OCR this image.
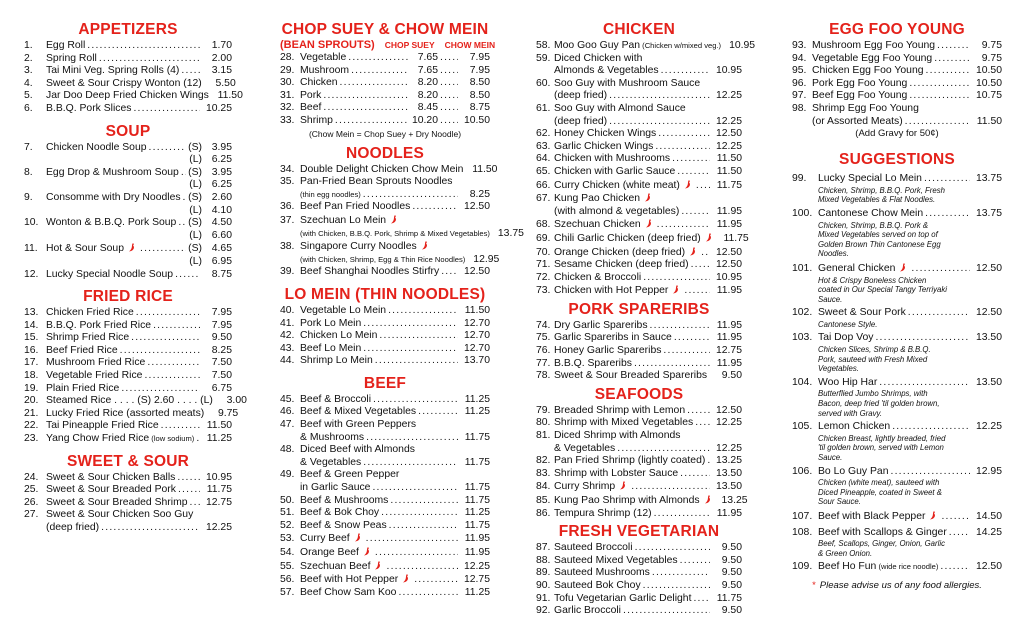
APPETIZERS
1.	Egg Roll .....	1.70
2.	Spring Roll .....	2.00
3.	Tai Mini Veg. Spring Rolls (4) .....	3.15
4.	Sweet & Sour Crispy Wonton (12)	5.50
5.	Jar Doo Deep Fried Chicken Wings 11.50
6.	B.B.Q. Pork Slices .....	10.25
SOUP
7.	Chicken Noodle Soup .....	(S) 3.95
(L) 6.25
8.	Egg Drop & Mushroom Soup ..... (S) 3.95
(L) 6.25
9.	Consomme with Dry Noodles ..... (S) 2.60
(L) 4.10
10. Wonton & B.B.Q. Pork Soup ..... (S) 4.50
(L) 6.60
11. Hot & Sour Soup .....	(S) 4.65
(L) 6.95
12. Lucky Special Noodle Soup .....	8.75
FRIED RICE
13. Chicken Fried Rice .....	7.95
14. B.B.Q. Pork Fried Rice .....	7.95
15. Shrimp Fried Rice .....	9.50
16. Beef Fried Rice .....	8.25
17. Mushroom Fried Rice .....	7.50
18. Vegetable Fried Rice .....	7.50
19. Plain Fried Rice .....	6.75
20. Steamed Rice . . . . (S) 2.60 . . . . (L)	3.00
21. Lucky Fried Rice (assorted meats)	9.75
22. Tai Pineapple Fried Rice .....	11.50
23. Yang Chow Fried Rice (low sodium) .....	11.25
SWEET & SOUR
24. Sweet & Sour Chicken Balls .....	10.95
25. Sweet & Sour Breaded Pork .....	11.75
26. Sweet & Sour Breaded Shrimp .....	12.75
27. Sweet & Sour Chicken Soo Guy
(deep fried) .....	12.25
CHOP SUEY & CHOW MEIN
(BEAN SPROUTS) CHOP SUEY CHOW MEIN
28. Vegetable .....	7.65 .....	7.95
29. Mushroom .....	7.65 .....	7.95
30. Chicken .....	8.20 .....	8.50
31. Pork .....	8.20 .....	8.50
32. Beef .....	8.45 .....	8.75
33. Shrimp .....	10.20 .....	10.50
(Chow Mein = Chop Suey + Dry Noodle)
NOODLES
34. Double Delight Chicken Chow Mein 11.50
35. Pan-Fried Bean Sprouts Noodles
(thin egg noodles) .....	8.25
36. Beef Pan Fried Noodles .....	12.50
37. Szechuan Lo Mein
(with Chicken, B.B.Q. Pork, Shrimp & Mixed Vegetables) 13.75
38. Singapore Curry Noodles
(with Chicken, Shrimp, Egg & Thin Rice Noodles) 12.95
39. Beef Shanghai Noodles Stirfry .....	12.50
LO MEIN (THIN NOODLES)
40. Vegetable Lo Mein .....	11.50
41. Pork Lo Mein .....	12.70
42. Chicken Lo Mein .....	12.70
43. Beef Lo Mein .....	12.70
44. Shrimp Lo Mein .....	13.70
BEEF
45. Beef & Broccoli .....	11.25
46. Beef & Mixed Vegetables .....	11.25
47. Beef with Green Peppers
& Mushrooms .....	11.75
48. Diced Beef with Almonds
& Vegetables .....	11.75
49. Beef & Green Pepper
in Garlic Sauce .....	11.75
50. Beef & Mushrooms .....	11.75
51. Beef & Bok Choy .....	11.25
52. Beef & Snow Peas .....	11.75
53. Curry Beef .....	11.95
54. Orange Beef .....	11.95
55. Szechuan Beef .....	12.25
56. Beef with Hot Pepper .....	12.75
57. Beef Chow Sam Koo .....	11.25
CHICKEN
58. Moo Goo Guy Pan (Chicken w/mixed veg.) 10.95
59. Diced Chicken with
Almonds & Vegetables .....	10.95
60. Soo Guy with Mushroom Sauce
(deep fried) .....	12.25
61. Soo Guy with Almond Sauce
(deep fried) .....	12.25
62. Honey Chicken Wings .....	12.50
63. Garlic Chicken Wings .....	12.25
64. Chicken with Mushrooms .....	11.50
65. Chicken with Garlic Sauce .....	11.50
66. Curry Chicken (white meat) .....	11.75
67. Kung Pao Chicken
(with almond & vegetables) .....	11.95
68. Szechuan Chicken .....	11.95
69. Chili Garlic Chicken (deep fried)	11.75
70. Orange Chicken (deep fried) .....	12.50
71. Sesame Chicken (deep fried) .....	12.50
72. Chicken & Broccoli .....	10.95
73. Chicken with Hot Pepper .....	11.95
PORK SPARERIBS
74. Dry Garlic Spareribs .....	11.95
75. Garlic Spareribs in Sauce .....	11.95
76. Honey Garlic Spareribs .....	12.75
77. B.B.Q. Spareribs .....	11.95
78. Sweet & Sour Breaded Spareribs .....	9.50
SEAFOODS
79. Breaded Shrimp with Lemon .....	12.50
80. Shrimp with Mixed Vegetables .....	12.25
81. Diced Shrimp with Almonds
& Vegetables .....	12.25
82. Pan Fried Shrimp (lightly coated) .....	13.25
83. Shrimp with Lobster Sauce .....	13.50
84. Curry Shrimp .....	13.50
85. Kung Pao Shrimp with Almonds	13.25
86. Tempura Shrimp (12) .....	11.95
FRESH VEGETARIAN
87. Sauteed Broccoli .....	9.50
88. Sauteed Mixed Vegetables .....	9.50
89. Sauteed Mushrooms .....	9.50
90. Sauteed Bok Choy .....	9.50
91. Tofu Vegetarian Garlic Delight .....	11.75
92. Garlic Broccoli .....	9.50
EGG FOO YOUNG
93. Mushroom Egg Foo Young .....	9.75
94. Vegetable Egg Foo Young .....	9.75
95. Chicken Egg Foo Young .....	10.50
96. Pork Egg Foo Young .....	10.50
97. Beef Egg Foo Young .....	10.75
98. Shrimp Egg Foo Young
(or Assorted Meats) .....	11.50
(Add Gravy for 50¢)
SUGGESTIONS
99.	Lucky Special Lo Mein .....	13.75
Chicken, Shrimp, B.B.Q. Pork, Fresh Mixed Vegetables & Flat Noodles.
100. Cantonese Chow Mein .....	13.75
Chicken, Shrimp, B.B.Q. Pork & Mixed Vegetables served on top of Golden Brown Thin Cantonese Egg Noodles.
101. General Chicken .....	12.50
Hot & Crispy Boneless Chicken coated in Our Special Tangy Terriyaki Sauce.
102. Sweet & Sour Pork .....	12.50
Cantonese Style.
103. Tai Dop Voy .....	13.50
Chicken Slices, Shrimp & B.B.Q. Pork, sauteed with Fresh Mixed Vegetables.
104. Woo Hip Har .....	13.50
Butterflied Jumbo Shrimps, with Bacon, deep fried 'til golden brown, served with Gravy.
105. Lemon Chicken .....	12.25
Chicken Breast, lightly breaded, fried 'til golden brown, served with Lemon Sauce.
106. Bo Lo Guy Pan .....	12.95
Chicken (white meat), sauteed with Diced Pineapple, coated in Sweet & Sour Sauce.
107. Beef with Black Pepper .....	14.50
108. Beef with Scallops & Ginger .....	14.25
Beef, Scallops, Ginger, Onion, Garlic & Green Onion.
109. Beef Ho Fun (wide rice noodle) .....	12.50
* Please advise us of any food allergies.
